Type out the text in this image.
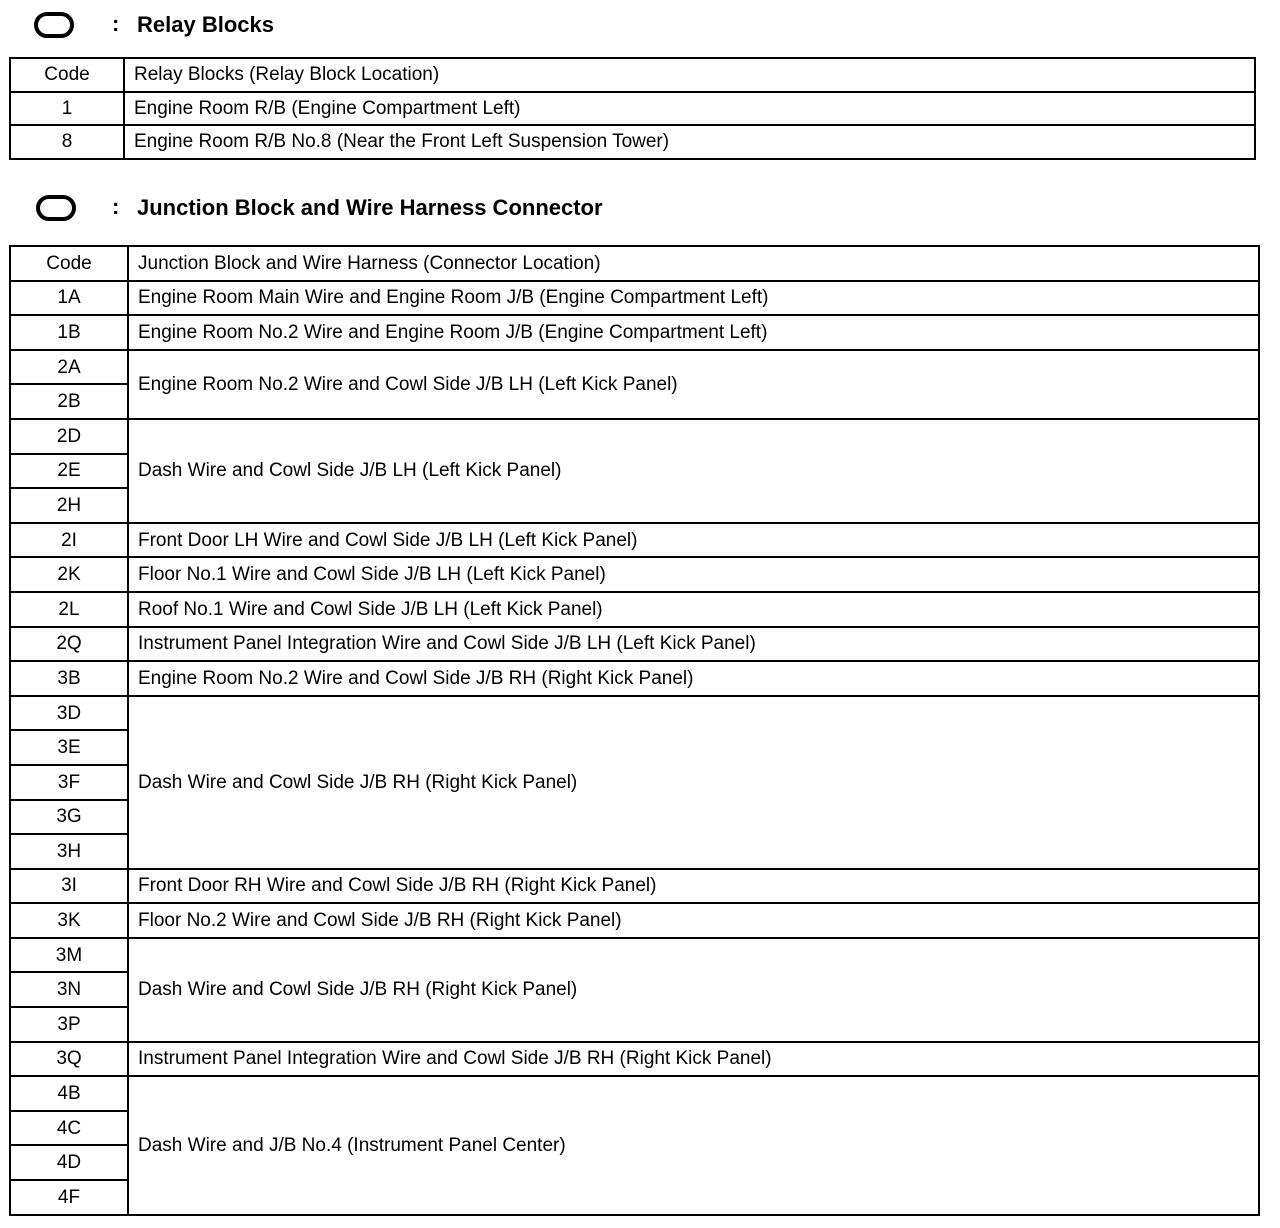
: Relay Blocks
Code	Relay Blocks (Relay Block Location)
1	Engine Room R/B (Engine Compartment Left)
8	Engine Room R/B No.8 (Near the Front Left Suspension Tower)
: Junction Block and Wire Harness Connector
Code	Junction Block and Wire Harness (Connector Location)
1A	Engine Room Main Wire and Engine Room J/B (Engine Compartment Left)
1B	Engine Room No.2 Wire and Engine Room J/B (Engine Compartment Left)
2A	Engine Room No.2 Wire and Cowl Side J/B LH (Left Kick Panel)
2B	
2D	Dash Wire and Cowl Side J/B LH (Left Kick Panel)
2E	
2H	
2I	Front Door LH Wire and Cowl Side J/B LH (Left Kick Panel)
2K	Floor No.1 Wire and Cowl Side J/B LH (Left Kick Panel)
2L	Roof No.1 Wire and Cowl Side J/B LH (Left Kick Panel)
2Q	Instrument Panel Integration Wire and Cowl Side J/B LH (Left Kick Panel)
3B	Engine Room No.2 Wire and Cowl Side J/B RH (Right Kick Panel)
3D	Dash Wire and Cowl Side J/B RH (Right Kick Panel)
3E	
3F	
3G	
3H	
3I	Front Door RH Wire and Cowl Side J/B RH (Right Kick Panel)
3K	Floor No.2 Wire and Cowl Side J/B RH (Right Kick Panel)
3M	Dash Wire and Cowl Side J/B RH (Right Kick Panel)
3N	
3P	
3Q	Instrument Panel Integration Wire and Cowl Side J/B RH (Right Kick Panel)
4B	Dash Wire and J/B No.4 (Instrument Panel Center)
4C	
4D	
4F	
